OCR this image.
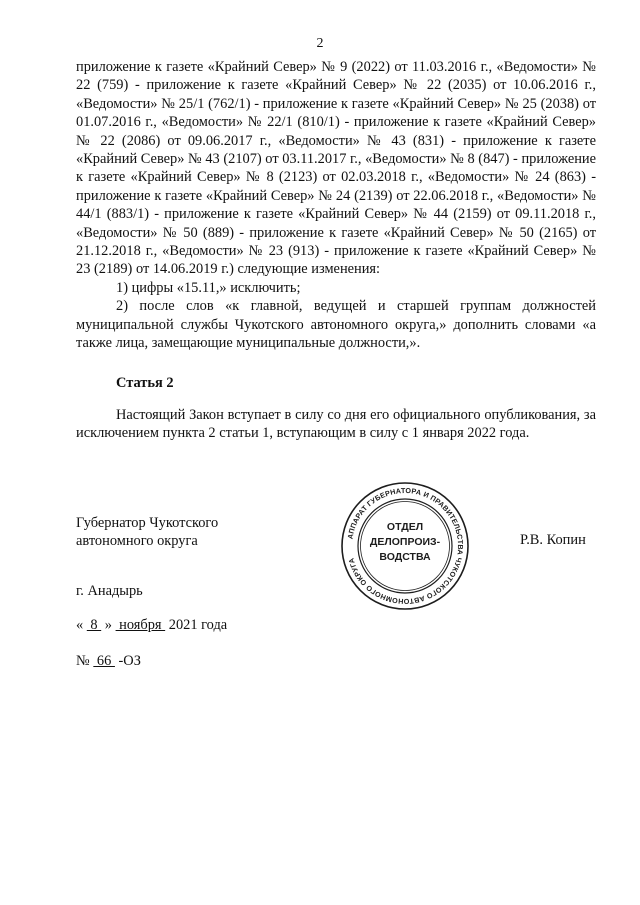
2

приложение к газете «Крайний Север» № 9 (2022) от 11.03.2016 г., «Ведомости» № 22 (759) - приложение к газете «Крайний Север» № 22 (2035) от 10.06.2016 г., «Ведомости» № 25/1 (762/1) - приложение к газете «Крайний Север» № 25 (2038) от 01.07.2016 г., «Ведомости» № 22/1 (810/1) - приложение к газете «Крайний Север» № 22 (2086) от 09.06.2017 г., «Ведомости» № 43 (831) - приложение к газете «Крайний Север» № 43 (2107) от 03.11.2017 г., «Ведомости» № 8 (847) - приложение к газете «Крайний Север» № 8 (2123) от 02.03.2018 г., «Ведомости» № 24 (863) - приложение к газете «Крайний Север» № 24 (2139) от 22.06.2018 г., «Ведомости» № 44/1 (883/1) - приложение к газете «Крайний Север» № 44 (2159) от 09.11.2018 г., «Ведомости» № 50 (889) - приложение к газете «Крайний Север» № 50 (2165) от 21.12.2018 г., «Ведомости» № 23 (913) - приложение к газете «Крайний Север» № 23 (2189) от 14.06.2019 г.) следующие изменения:

1) цифры «15.11,» исключить;

2) после слов «к главной, ведущей и старшей группам должностей муниципальной службы Чукотского автономного округа,» дополнить словами «а также лица, замещающие муниципальные должности,».

Статья 2

Настоящий Закон вступает в силу со дня его официального опубликования, за исключением пункта 2 статьи 1, вступающим в силу с 1 января 2022 года.

Губернатор Чукотского
автономного округа	АППАРАТ ГУБЕРНАТОРА И ПРАВИТЕЛЬСТВА ЧУКОТСКОГО АВТОНОМНОГО ОКРУГА
ОТДЕЛ
ДЕЛОПРОИЗ-
ВОДСТВА
Р.В. Копин
г. Анадырь
«  8  »  ноября  2021 года
№  66  -ОЗ
